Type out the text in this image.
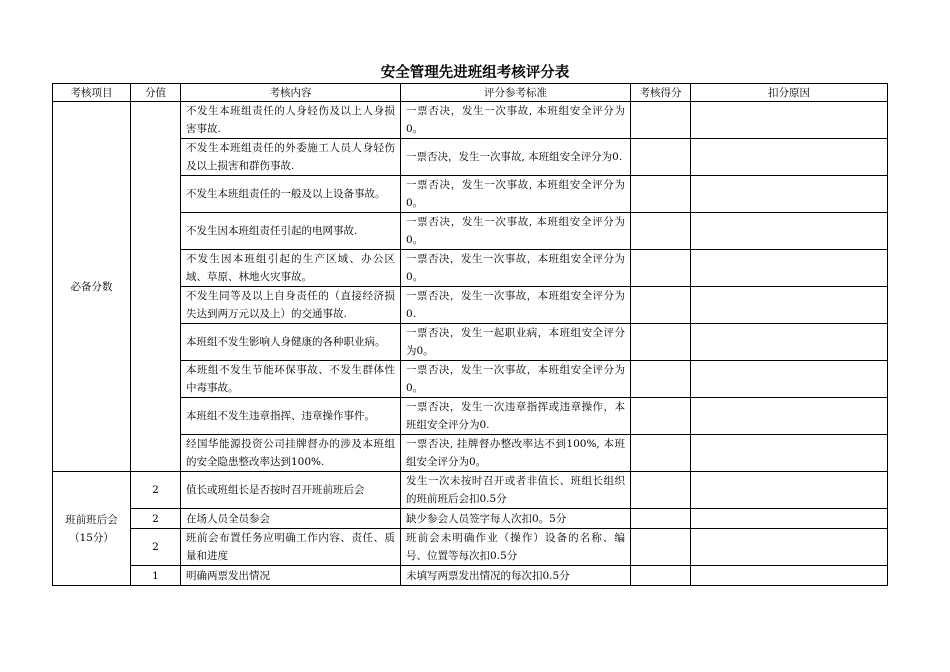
安全管理先进班组考核评分表
考核项目	分值	考核内容	评分参考标准	考核得分	扣分原因

必备分数		不发生本班组责任的人身轻伤及以上人身损害事故.	一票否决，发生一次事故, 本班组安全评分为0。		
		不发生本班组责任的外委施工人员人身轻伤及以上损害和群伤事故.	一票否决，发生一次事故, 本班组安全评分为0.		
		不发生本班组责任的一般及以上设备事故。	一票否决，发生一次事故, 本班组安全评分为0。		
		不发生因本班组责任引起的电网事故.	一票否决，发生一次事故, 本班组安全评分为0。		
		不发生因本班组引起的生产区域、办公区域、草原、林地火灾事故。	一票否决，发生一次事故，本班组安全评分为0。		
		不发生同等及以上自身责任的（直接经济损失达到两万元以及上）的交通事故.	一票否决，发生一次事故，本班组安全评分为0.		
		本班组不发生影响人身健康的各种职业病。	一票否决，发生一起职业病，本班组安全评分为0。		
		本班组不发生节能环保事故、不发生群体性中毒事故。	一票否决，发生一次事故，本班组安全评分为0。		
		本班组不发生违章指挥、违章操作事件。	一票否决，发生一次违章指挥或违章操作，本班组安全评分为0.		
		经国华能源投资公司挂牌督办的涉及本班组的安全隐患整改率达到100%.	一票否决, 挂牌督办整改率达不到100%, 本班组安全评分为0。		

班前班后会
（15分）	2	值长或班组长是否按时召开班前班后会	发生一次未按时召开或者非值长、班组长组织的班前班后会扣0.5分		
	2	在场人员全员参会	缺少参会人员签字每人次扣0。5分		
	2	班前会布置任务应明确工作内容、责任、质量和进度	班前会未明确作业（操作）设备的名称、编号、位置等每次扣0.5分		
	1	明确两票发出情况	未填写两票发出情况的每次扣0.5分		
